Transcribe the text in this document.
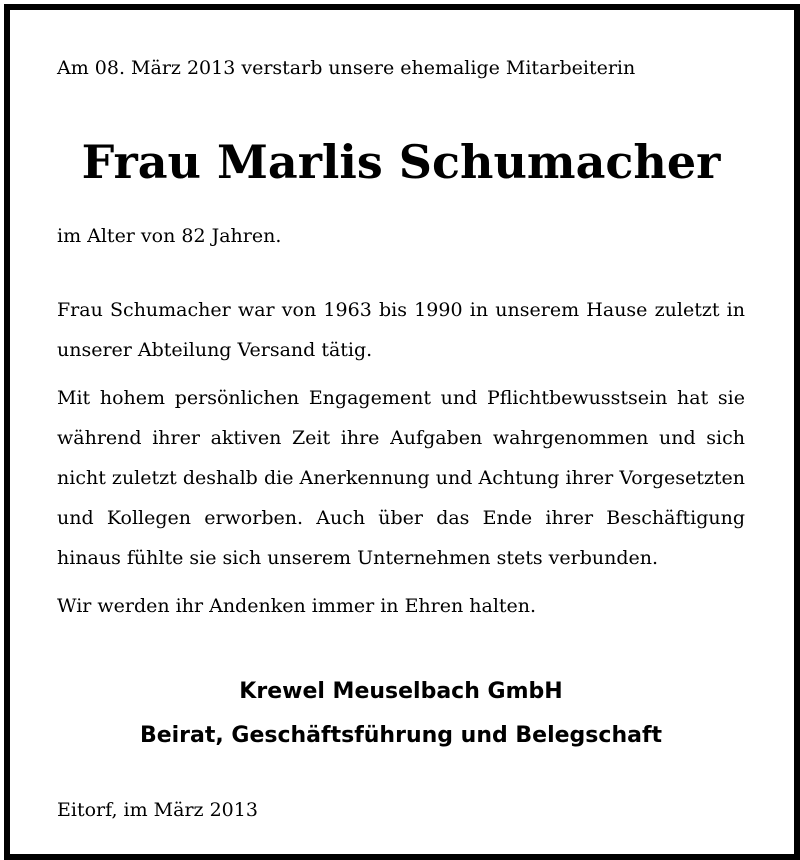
Am 08. März 2013 verstarb unsere ehemalige Mitarbeiterin
Frau Marlis Schumacher
im Alter von 82 Jahren.
Frau Schumacher war von 1963 bis 1990 in unserem Hause zuletzt in unserer Abteilung Versand tätig.
Mit hohem persönlichen Engagement und Pflichtbewusstsein hat sie während ihrer aktiven Zeit ihre Aufgaben wahrgenommen und sich nicht zuletzt deshalb die Anerkennung und Achtung ihrer Vorgesetzten und Kollegen erworben. Auch über das Ende ihrer Beschäftigung hinaus fühlte sie sich unserem Unternehmen stets verbunden.
Wir werden ihr Andenken immer in Ehren halten.
Krewel Meuselbach GmbH
Beirat, Geschäftsführung und Belegschaft
Eitorf, im März 2013
